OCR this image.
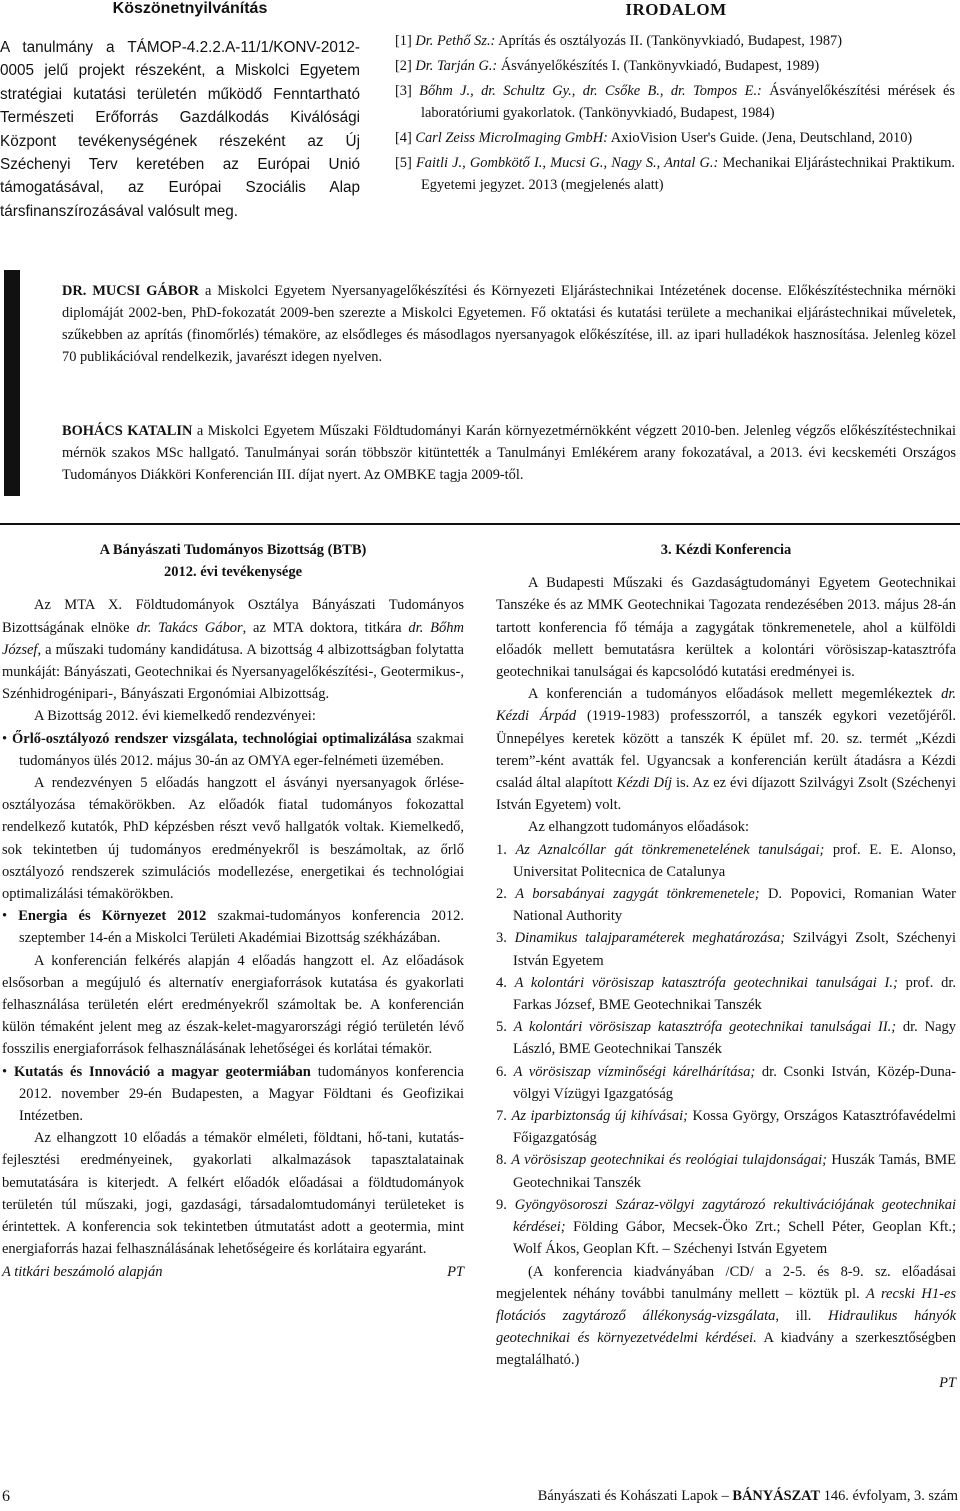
Köszönetnyilvánítás
A tanulmány a TÁMOP-4.2.2.A-11/1/KONV-2012-0005 jelű projekt részeként, a Miskolci Egyetem stratégiai kutatási területén működő Fenntartható Természeti Erőforrás Gazdálkodás Kiválósági Központ tevékenységének részeként az Új Széchenyi Terv keretében az Európai Unió támogatásával, az Európai Szociális Alap társfinanszírozásával valósult meg.
IRODALOM
[1] Dr. Pethő Sz.: Aprítás és osztályozás II. (Tankönyvkiadó, Budapest, 1987)
[2] Dr. Tarján G.: Ásványelőkészítés I. (Tankönyvkiadó, Budapest, 1989)
[3] Bőhm J., dr. Schultz Gy., dr. Csőke B., dr. Tompos E.: Ásványelőkészítési mérések és laboratóriumi gyakorlatok. (Tankönyvkiadó, Budapest, 1984)
[4] Carl Zeiss MicroImaging GmbH: AxioVision User's Guide. (Jena, Deutschland, 2010)
[5] Faitli J., Gombkötő I., Mucsi G., Nagy S., Antal G.: Mechanikai Eljárástechnikai Praktikum. Egyetemi jegyzet. 2013 (megjelenés alatt)
DR. MUCSI GÁBOR a Miskolci Egyetem Nyersanyagelőkészítési és Környezeti Eljárástechnikai Intézetének docense. Előkészítéstechnika mérnöki diplomáját 2002-ben, PhD-fokozatát 2009-ben szerezte a Miskolci Egyetemen. Fő oktatási és kutatási területe a mechanikai eljárástechnikai műveletek, szűkebben az aprítás (finomőrlés) témaköre, az elsődleges és másodlagos nyersanyagok előkészítése, ill. az ipari hulladékok hasznosítása. Jelenleg közel 70 publikációval rendelkezik, javarészt idegen nyelven.
BOHÁCS KATALIN a Miskolci Egyetem Műszaki Földtudományi Karán környezetmérnökként végzett 2010-ben. Jelenleg végzős előkészítéstechnikai mérnök szakos MSc hallgató. Tanulmányai során többször kitüntették a Tanulmányi Emlékérem arany fokozatával, a 2013. évi kecskeméti Országos Tudományos Diákköri Konferencián III. díjat nyert. Az OMBKE tagja 2009-től.
A Bányászati Tudományos Bizottság (BTB)
2012. évi tevékenysége

Az MTA X. Földtudományok Osztálya Bányászati Tudományos Bizottságának elnöke dr. Takács Gábor, az MTA doktora, titkára dr. Bőhm József, a műszaki tudomány kandidátusa. A bizottság 4 albizottságban folytatta munkáját: Bányászati, Geotechnikai és Nyersanyagelőkészítési-, Geotermikus-, Szénhidrogénipari-, Bányászati Ergonómiai Albizottság.

A Bizottság 2012. évi kiemelkedő rendezvényei:

• Őrlő-osztályozó rendszer vizsgálata, technológiai optimalizálása szakmai tudományos ülés 2012. május 30-án az OMYA eger-felnémeti üzemében.

A rendezvényen 5 előadás hangzott el ásványi nyersanyagok őrlése-osztályozása témakörökben. Az előadók fiatal tudományos fokozattal rendelkező kutatók, PhD képzésben részt vevő hallgatók voltak. Kiemelkedő, sok tekintetben új tudományos eredményekről is beszámoltak, az őrlő osztályozó rendszerek szimulációs modellezése, energetikai és technológiai optimalizálási témakörökben.

• Energia és Környezet 2012 szakmai-tudományos konferencia 2012. szeptember 14-én a Miskolci Területi Akadémiai Bizottság székházában.

A konferencián felkérés alapján 4 előadás hangzott el. Az előadások elsősorban a megújuló és alternatív energiaforrások kutatása és gyakorlati felhasználása területén elért eredményekről számoltak be. A konferencián külön témaként jelent meg az észak-kelet-magyarországi régió területén lévő fosszilis energiaforrások felhasználásának lehetőségei és korlátai témakör.

• Kutatás és Innováció a magyar geotermiában tudományos konferencia 2012. november 29-én Budapesten, a Magyar Földtani és Geofizikai Intézetben.

Az elhangzott 10 előadás a témakör elméleti, földtani, hő-tani, kutatás-fejlesztési eredményeinek, gyakorlati alkalmazások tapasztalatainak bemutatására is kiterjedt. A felkért előadók előadásai a földtudományok területén túl műszaki, jogi, gazdasági, társadalomtudományi területeket is érintettek. A konferencia sok tekintetben útmutatást adott a geotermia, mint energiaforrás hazai felhasználásának lehetőségeire és korlátaira egyaránt.

A titkári beszámoló alapján	PT
3. Kézdi Konferencia

A Budapesti Műszaki és Gazdaságtudományi Egyetem Geotechnikai Tanszéke és az MMK Geotechnikai Tagozata rendezésében 2013. május 28-án tartott konferencia fő témája a zagygátak tönkremenetele, ahol a külföldi előadók mellett bemutatásra kerültek a kolontári vörösiszap-katasztrófa geotechnikai tanulságai és kapcsolódó kutatási eredményei is.

A konferencián a tudományos előadások mellett megemlékeztek dr. Kézdi Árpád (1919-1983) professzorról, a tanszék egykori vezetőjéről. Ünnepélyes keretek között a tanszék K épület mf. 20. sz. termét „Kézdi terem”-ként avatták fel. Ugyancsak a konferencián került átadásra a Kézdi család által alapított Kézdi Díj is. Az ez évi díjazott Szilvágyi Zsolt (Széchenyi István Egyetem) volt.

Az elhangzott tudományos előadások:

1. Az Aznalcóllar gát tönkremenetelének tanulságai; prof. E. E. Alonso, Universitat Politecnica de Catalunya

2. A borsabányai zagygát tönkremenetele; D. Popovici, Romanian Water National Authority

3. Dinamikus talajparaméterek meghatározása; Szilvágyi Zsolt, Széchenyi István Egyetem

4. A kolontári vörösiszap katasztrófa geotechnikai tanulságai I.; prof. dr. Farkas József, BME Geotechnikai Tanszék

5. A kolontári vörösiszap katasztrófa geotechnikai tanulságai II.; dr. Nagy László, BME Geotechnikai Tanszék

6. A vörösiszap vízminőségi kárelhárítása; dr. Csonki István, Közép-Duna-völgyi Vízügyi Igazgatóság

7. Az iparbiztonság új kihívásai; Kossa György, Országos Katasztrófavédelmi Főigazgatóság

8. A vörösiszap geotechnikai és reológiai tulajdonságai; Huszák Tamás, BME Geotechnikai Tanszék

9. Gyöngyösoroszi Száraz-völgyi zagytározó rekultivációjának geotechnikai kérdései; Földing Gábor, Mecsek-Öko Zrt.; Schell Péter, Geoplan Kft.; Wolf Ákos, Geoplan Kft. – Széchenyi István Egyetem

(A konferencia kiadványában /CD/ a 2-5. és 8-9. sz. előadásai megjelentek néhány további tanulmány mellett – köztük pl. A recski H1-es flotációs zagytároző állékonyság-vizsgálata, ill. Hidraulikus hányók geotechnikai és környezetvédelmi kérdései. A kiadvány a szerkesztőségben megtalálható.)

PT
6	Bányászati és Kohászati Lapok – BÁNYÁSZAT 146. évfolyam, 3. szám
